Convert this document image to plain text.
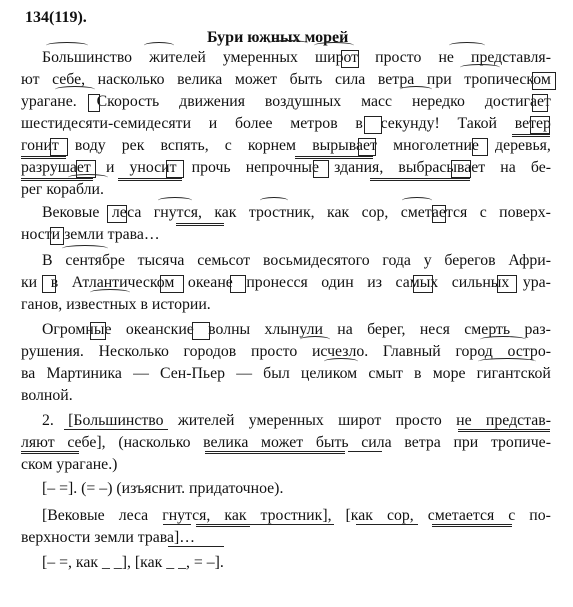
134(119).
Бури южных морей
Большинство жителей умеренных широт просто не представля-
ют себе, насколько велика может быть сила ветра при тропическом
урагане. Скорость движения воздушных масс нередко достигает
шестидесяти-семидесяти и более метров в секунду! Такой ветер
гонит воду рек вспять, с корнем вырывает многолетние деревья,
разрушает и уносит прочь непрочные здания, выбрасывает на бе-
рег корабли.
Вековые леса гнутся, как тростник, как сор, сметается с поверх-
ности земли трава…
В сентябре тысяча семьсот восьмидесятого года у берегов Афри-
ки в Атлантическом океане пронесся один из самых сильных ура-
ганов, известных в истории.
Огромные океанские волны хлынули на берег, неся смерть раз-
рушения. Несколько городов просто исчезло. Главный город остро-
ва Мартиника — Сен-Пьер — был целиком смыт в море гигантской
волной.
2. [Большинство жителей умеренных широт просто не представ-
ляют себе], (насколько велика может быть сила ветра при тропиче-
ском урагане.)
[– =]. (= –) (изъяснит. придаточное).
[Вековые леса гнутся, как тростник], [как сор, сметается с по-
верхности земли трава]…
[– =, как _ _], [как _ _, = –].
